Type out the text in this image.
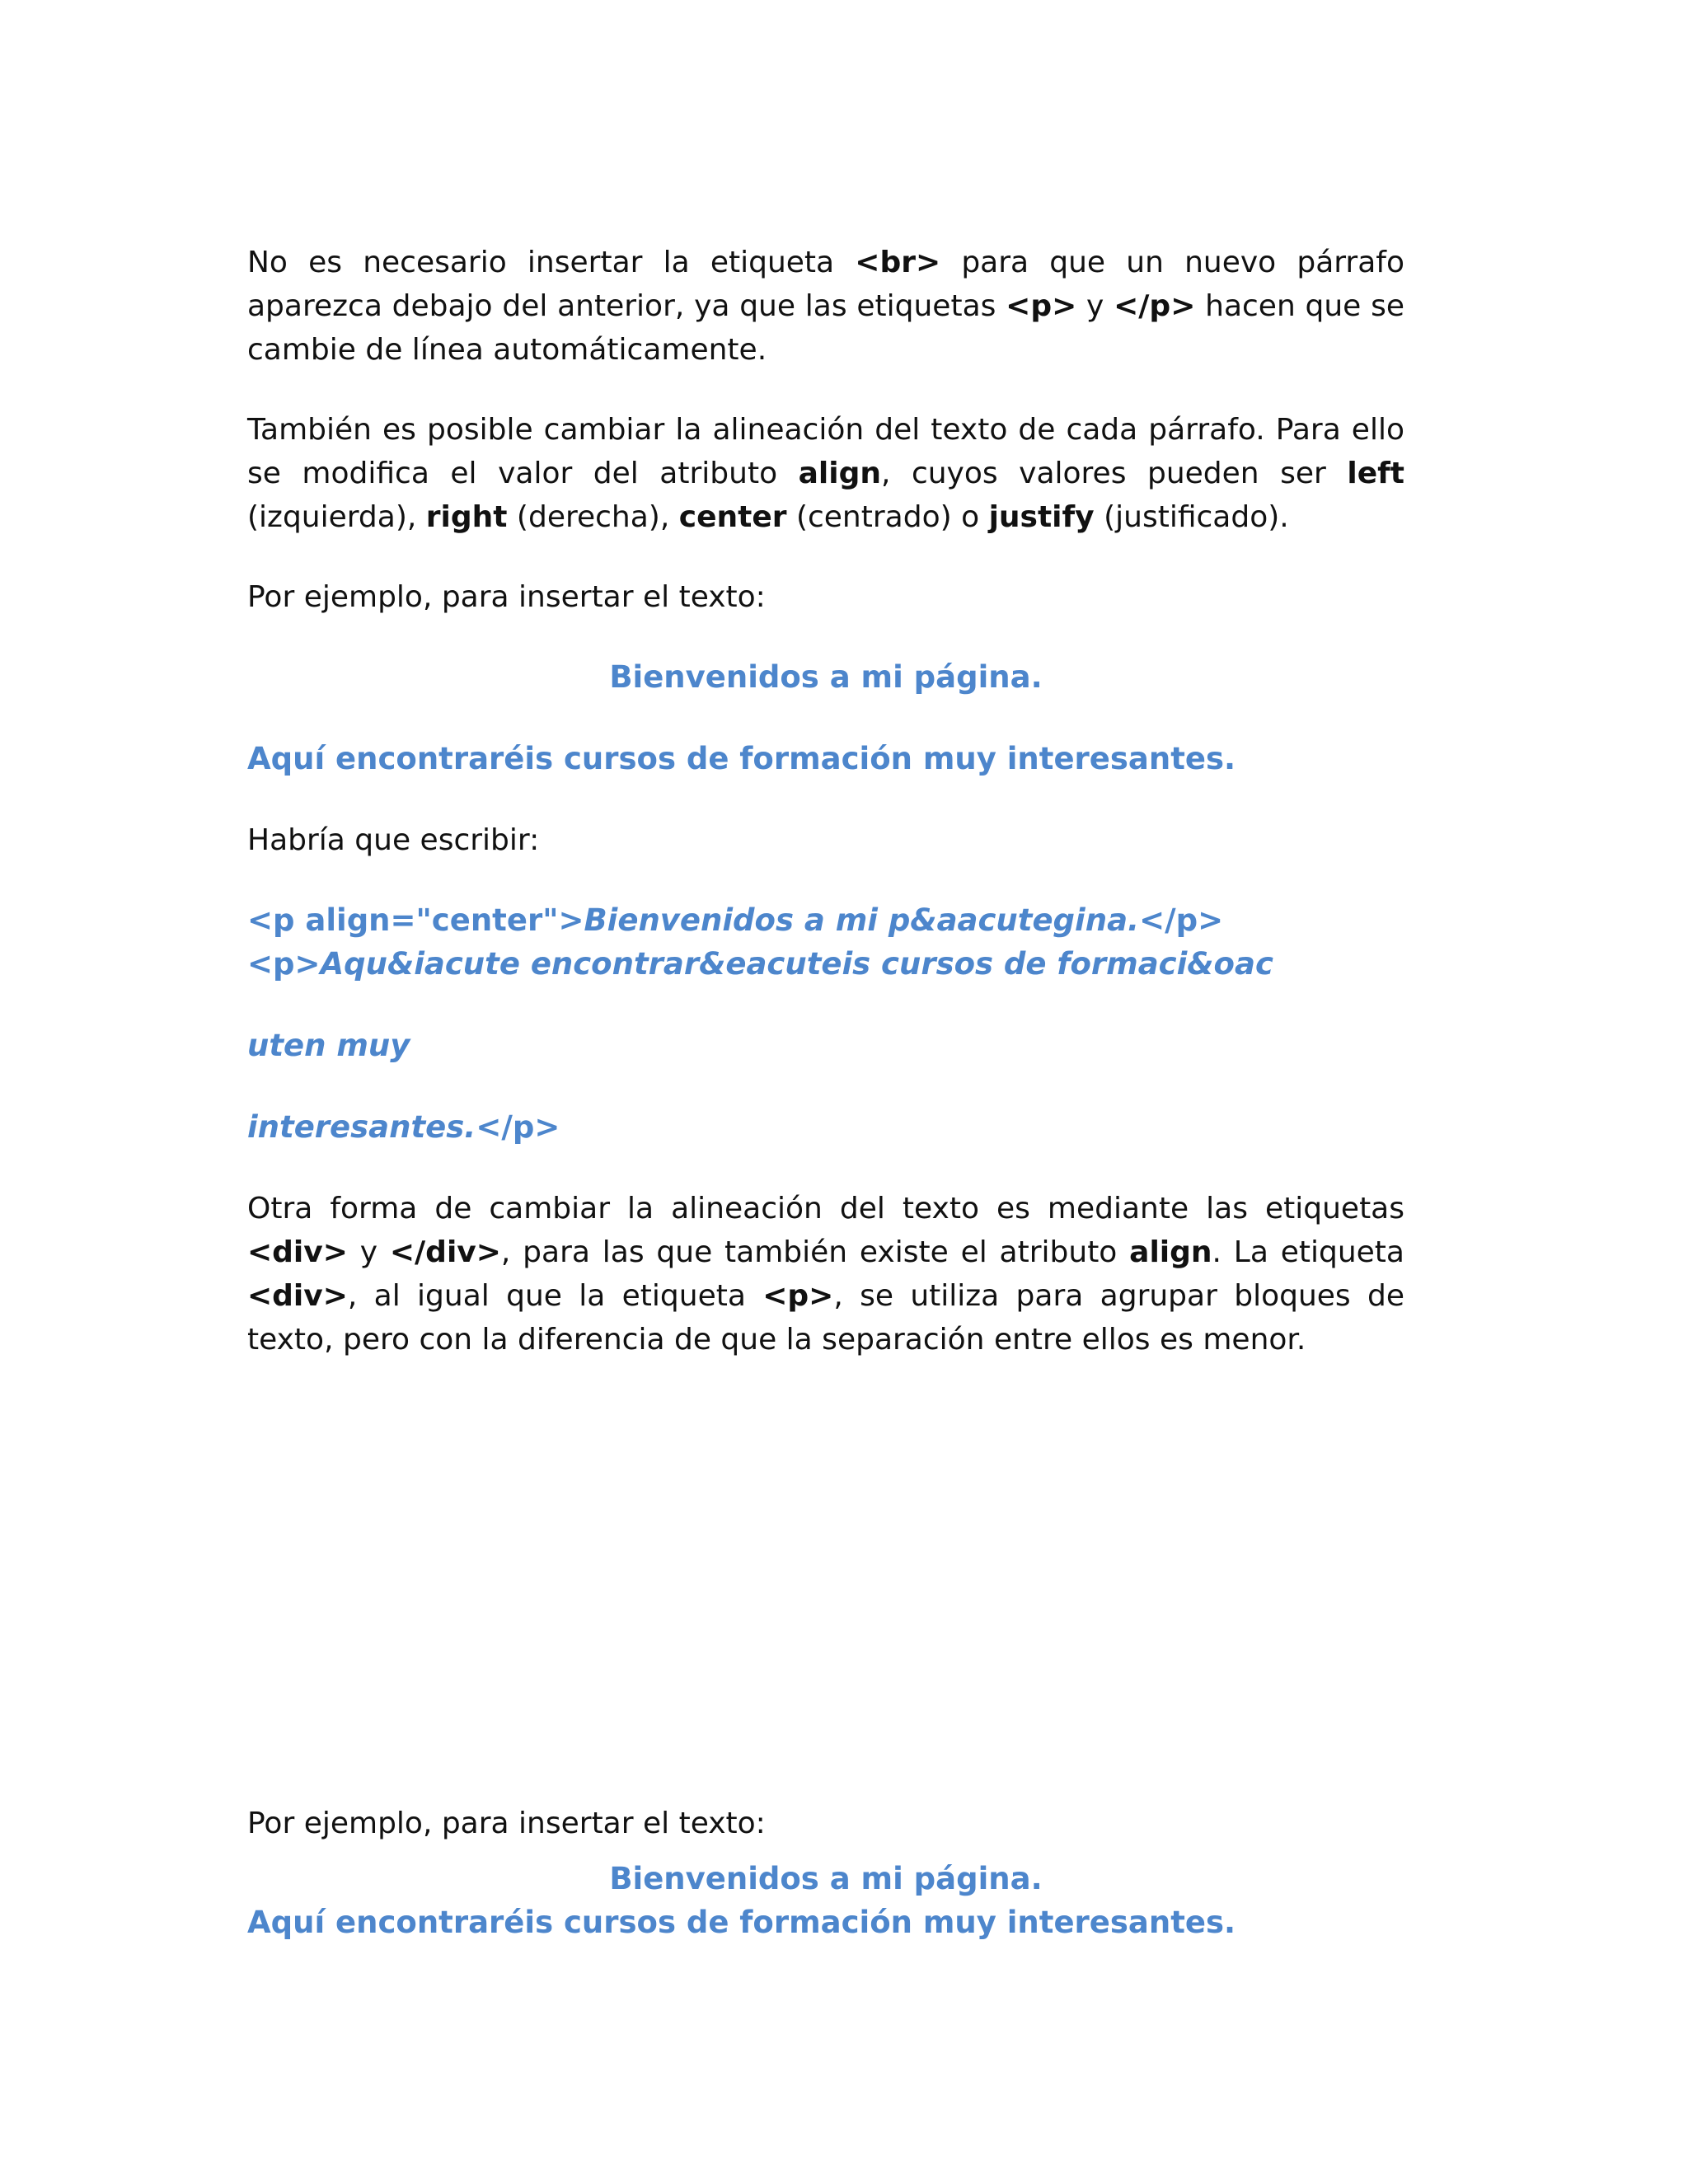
No es necesario insertar la etiqueta <br> para que un nuevo párrafo aparezca debajo del anterior, ya que las etiquetas <p> y </p> hacen que se cambie de línea automáticamente.

También es posible cambiar la alineación del texto de cada párrafo. Para ello se modifica el valor del atributo align, cuyos valores pueden ser left (izquierda), right (derecha), center (centrado) o justify (justificado).

Por ejemplo, para insertar el texto:

Bienvenidos a mi página.

Aquí encontraréis cursos de formación muy interesantes.

Habría que escribir:

<p align="center">Bienvenidos a mi p&aacutegina.</p>

<p>Aqu&iacute encontrar&eacuteis cursos de formaci&oac

uten muy

interesantes.</p>

Otra forma de cambiar la alineación del texto es mediante las etiquetas <div> y </div>, para las que también existe el atributo align. La etiqueta <div>, al igual que la etiqueta <p>, se utiliza para agrupar bloques de texto, pero con la diferencia de que la separación entre ellos es menor.

Por ejemplo, para insertar el texto:

Bienvenidos a mi página.

Aquí encontraréis cursos de formación muy interesantes.
